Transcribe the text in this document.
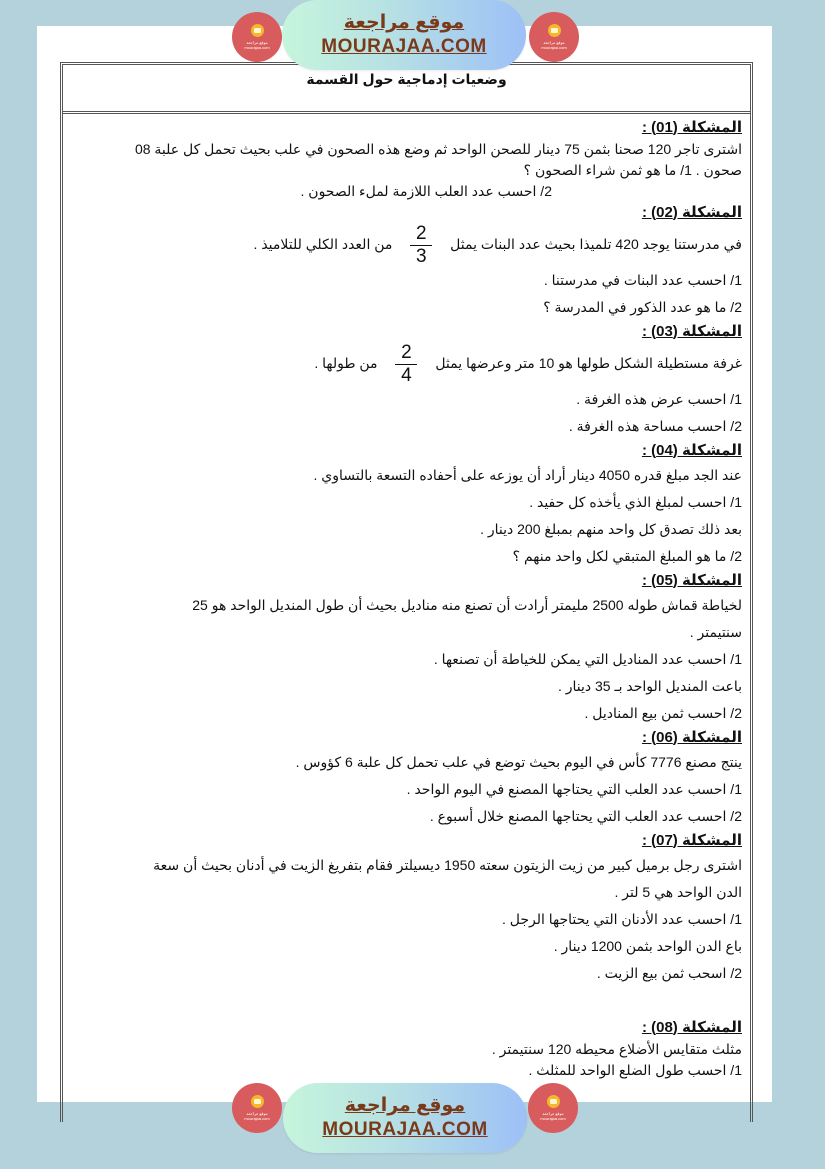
وضعيات إدماجية حول القسمة
المشكلة (01) :
اشترى تاجر 120 صحنا بثمن 75 دينار للصحن الواحد ثم وضع هذه الصحون في علب بحيث تحمل كل علبة 08
صحون . 1/ ما هو ثمن شراء الصحون ؟
2/ احسب عدد العلب اللازمة لملء الصحون .
المشكلة (02) :
في مدرستنا يوجد 420 تلميذا بحيث عدد البنات يمثل
$\frac{2}{3}$
من العدد الكلي للتلاميذ .
1/ احسب عدد البنات في مدرستنا .
2/ ما هو عدد الذكور في المدرسة ؟
المشكلة (03) :
غرفة مستطيلة الشكل طولها هو 10 متر وعرضها يمثل
$\frac{2}{4}$
من طولها .
1/ احسب عرض هذه الغرفة .
2/ احسب مساحة هذه الغرفة .
المشكلة (04) :
عند الجد مبلغ قدره 4050 دينار أراد أن يوزعه على أحفاده التسعة بالتساوي .
1/ احسب لمبلغ الذي يأخذه كل حفيد .
بعد ذلك تصدق كل واحد منهم بمبلغ 200 دينار .
2/ ما هو المبلغ المتبقي لكل واحد منهم ؟
المشكلة (05) :
لخياطة قماش طوله 2500 مليمتر أرادت أن تصنع منه مناديل بحيث أن طول المنديل الواحد هو 25
سنتيمتر .
1/ احسب عدد المناديل التي يمكن للخياطة أن تصنعها .
باعت المنديل الواحد بـ 35 دينار .
2/ احسب ثمن بيع المناديل .
المشكلة (06) :
ينتج مصنع 7776 كأس في اليوم بحيث توضع في علب تحمل كل علبة 6 كؤوس .
1/ احسب عدد العلب التي يحتاجها المصنع في اليوم الواحد .
2/ احسب عدد العلب التي يحتاجها المصنع خلال أسبوع .
المشكلة (07) :
اشترى رجل برميل كبير من زيت الزيتون سعته 1950 ديسيلتر فقام بتفريغ الزيت في أدنان بحيث أن سعة
الدن الواحد هي 5 لتر .
1/ احسب عدد الأدنان التي يحتاجها الرجل .
باع الدن الواحد بثمن 1200 دينار .
2/ اسحب ثمن بيع الزيت .
المشكلة (08) :
مثلث متقايس الأضلاع محيطه 120 سنتيمتر .
1/ احسب طول الضلع الواحد للمثلث .
موقع مراجعة
mourajaa.com
موقع مراجعة
MOURAJAA.COM	موقع مراجعة
mourajaa.com
موقع مراجعة
mourajaa.com
موقع مراجعة
MOURAJAA.COM
موقع مراجعة
mourajaa.com
